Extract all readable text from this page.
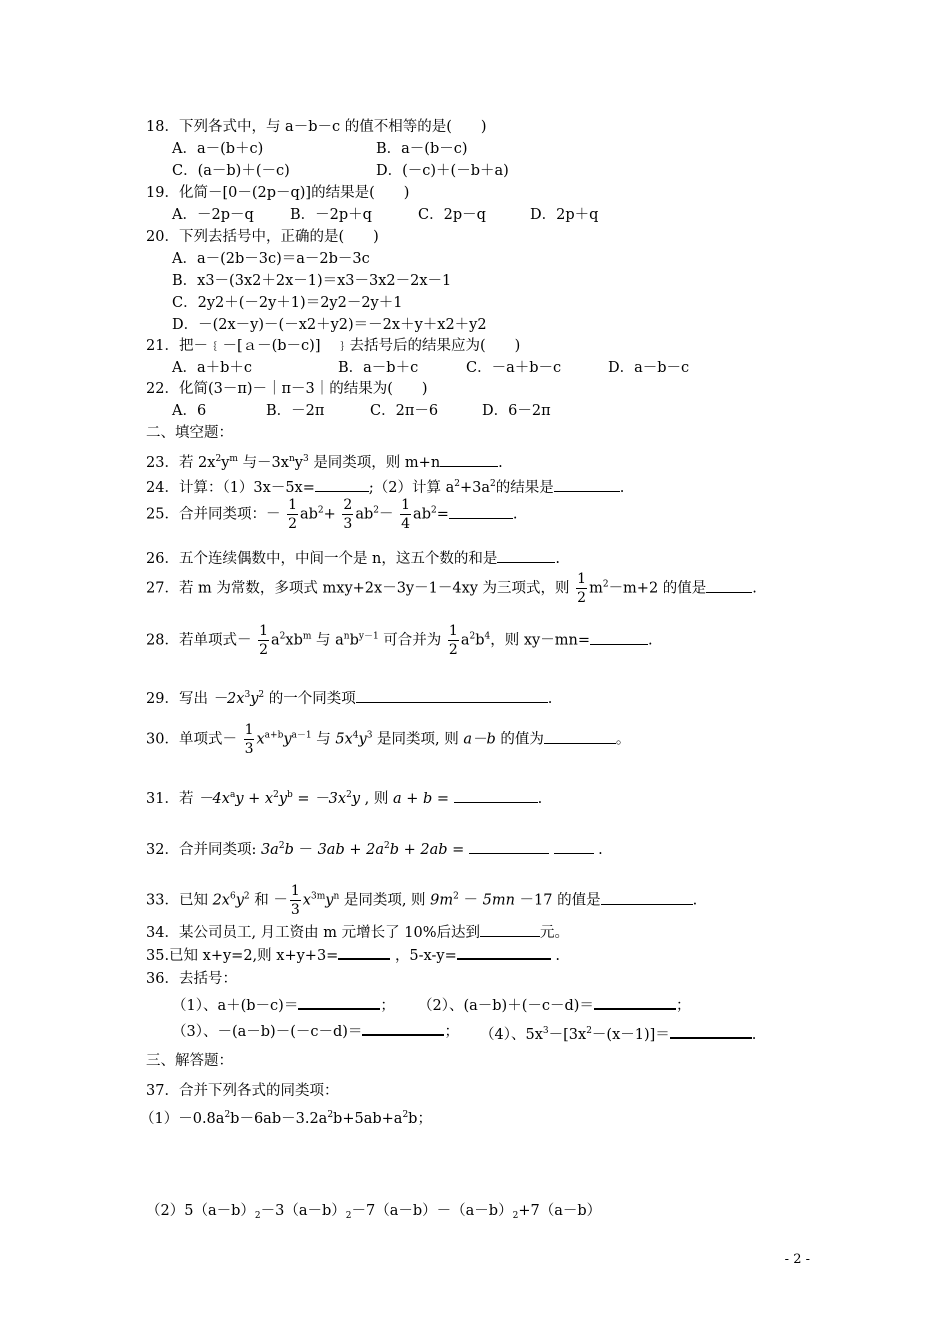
18．下列各式中，与 a－b－c 的值不相等的是(　　)
A．a－(b＋c)	B．a－(b－c)
C．(a－b)＋(－c)	D．(－c)＋(－b＋a)
19．化简－[0－(2p－q)]的结果是(　　)
A．－2p－q B．－2p＋q	C．2p－q	D．2p＋q
20．下列去括号中，正确的是(　　)
A．a－(2b－3c)＝a－2b－3c
B．x3－(3x2＋2x－1)＝x3－3x2－2x－1
C．2y2＋(－2y＋1)＝2y2－2y＋1
D．－(2x－y)－(－x2＋y2)＝－2x＋y＋x2＋y2
21．把－﹛－[ａ－(b－c)]　﹜去括号后的结果应为(　　)
A．a＋b＋c	B．a－b＋c	C．－a＋b－c	D．a－b－c
22．化简(3－π)－｜π－3｜的结果为(　　)
A．6	B．－2π	C．2π－6	D．6－2π
二、填空题：
23．若 $2x^2y^m$ 与$-3x^ny^3$ 是同类项，则 m+n	.
24．计算：（1）3x－5x=	;（2）计算 $a^2+3a^2$的结果是	.
25．合并同类项：－ $\frac{1}{2} ab^2+ \frac{2}{3} ab^2- \frac{1}{4} ab^2=$	.
26．五个连续偶数中，中间一个是 n，这五个数的和是	.
27．若 m 为常数，多项式 mxy+2x－3y－1－4xy 为三项式，则 $\frac{1}{2} m^2-m+2$ 的值是	.
28．若单项式－ $\frac{1}{2} a^2xb^m$ 与 $a^nb^{y-1}$ 可合并为 $\frac{1}{2} a^2b^4$，则 xy－mn=	.
29．写出 $-2x^3y^2$ 的一个同类项	.
30．单项式－ $\frac{1}{3} x^{a+b}y^{a-1}$ 与 $5x^4y^3$ 是同类项, 则 a－b 的值为	。
31．若 $-4x^ay + x^2y^b = -3x^2y$ , 则 a + b =	.
32．合并同类项: $3a^2b - 3ab + 2a^2b + 2ab$ =	.
33．已知 $2x^6y^2$ 和 － $\frac{1}{3} x^{3m}y^n$ 是同类项, 则 $9m^2 - 5mn -17$ 的值是	.
34．某公司员工, 月工资由 m 元增长了 10%后达到	元。
35.已知 x+y=2,则 x+y+3=	，5-x-y=	.
36．去括号：
（1）、a＋(b－c)＝	； （2）、(a－b)＋(－c－d)＝	；
（3）、－(a－b)－(－c－d)＝	； （4）、$5x^3-[3x^2-(x-1)]=$	.
三、解答题：
37．合并下列各式的同类项：
$(1)-0.8a^2b-6ab-3.2a^2b+5ab+a^2b$；
$(2)5(a-b)_2-3(a-b)_2-7(a-b)-(a-b)_2+7(a-b)$
- 2 -
